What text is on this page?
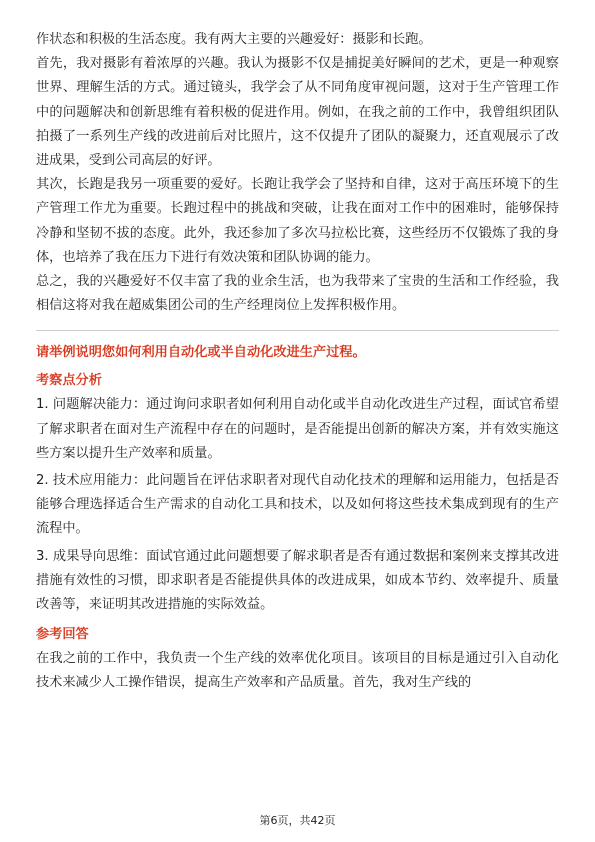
作状态和积极的生活态度。我有两大主要的兴趣爱好：摄影和长跑。

首先，我对摄影有着浓厚的兴趣。我认为摄影不仅是捕捉美好瞬间的艺术，更是一种观察世界、理解生活的方式。通过镜头，我学会了从不同角度审视问题，这对于生产管理工作中的问题解决和创新思维有着积极的促进作用。例如，在我之前的工作中，我曾组织团队拍摄了一系列生产线的改进前后对比照片，这不仅提升了团队的凝聚力，还直观展示了改进成果，受到公司高层的好评。

其次，长跑是我另一项重要的爱好。长跑让我学会了坚持和自律，这对于高压环境下的生产管理工作尤为重要。长跑过程中的挑战和突破，让我在面对工作中的困难时，能够保持冷静和坚韧不拔的态度。此外，我还参加了多次马拉松比赛，这些经历不仅锻炼了我的身体，也培养了我在压力下进行有效决策和团队协调的能力。

总之，我的兴趣爱好不仅丰富了我的业余生活，也为我带来了宝贵的生活和工作经验，我相信这将对我在超威集团公司的生产经理岗位上发挥积极作用。

请举例说明您如何利用自动化或半自动化改进生产过程。
考察点分析

1. 问题解决能力：通过询问求职者如何利用自动化或半自动化改进生产过程，面试官希望了解求职者在面对生产流程中存在的问题时，是否能提出创新的解决方案，并有效实施这些方案以提升生产效率和质量。

2. 技术应用能力：此问题旨在评估求职者对现代自动化技术的理解和运用能力，包括是否能够合理选择适合生产需求的自动化工具和技术，以及如何将这些技术集成到现有的生产流程中。

3. 成果导向思维：面试官通过此问题想要了解求职者是否有通过数据和案例来支撑其改进措施有效性的习惯，即求职者是否能提供具体的改进成果，如成本节约、效率提升、质量改善等，来证明其改进措施的实际效益。

参考回答

在我之前的工作中，我负责一个生产线的效率优化项目。该项目的目标是通过引入自动化技术来减少人工操作错误，提高生产效率和产品质量。首先，我对生产线的

第6页，共42页
